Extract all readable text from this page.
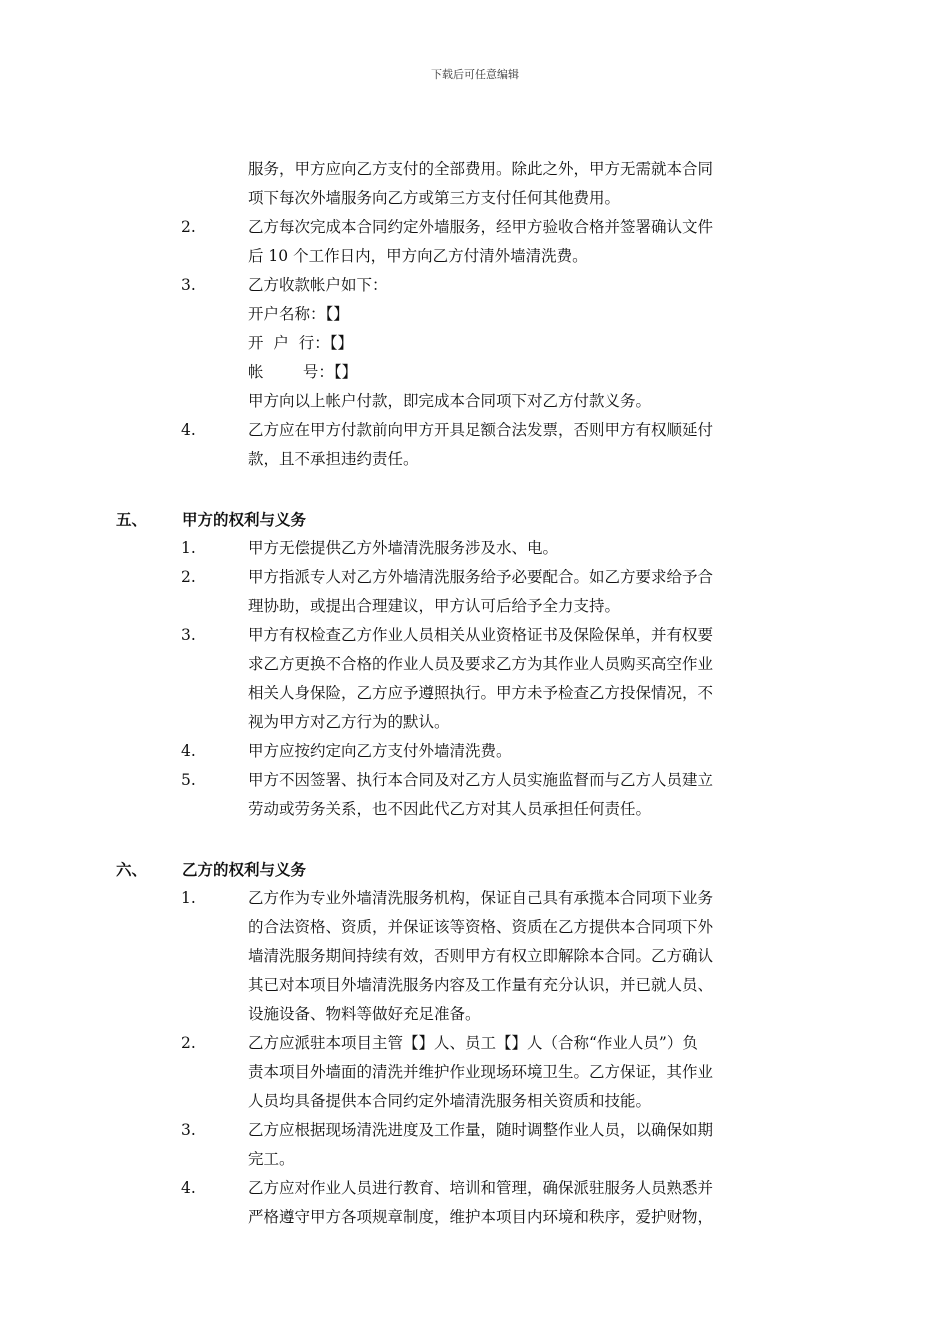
下载后可任意编辑
服务，甲方应向乙方支付的全部费用。除此之外，甲方无需就本合同
项下每次外墙服务向乙方或第三方支付任何其他费用。
2.	乙方每次完成本合同约定外墙服务，经甲方验收合格并签署确认文件
后 10 个工作日内，甲方向乙方付清外墙清洗费。
3.	乙方收款帐户如下：
开户名称：【】
开  户  行：【】
帐        号：【】
甲方向以上帐户付款，即完成本合同项下对乙方付款义务。
4.	乙方应在甲方付款前向甲方开具足额合法发票，否则甲方有权顺延付
款，且不承担违约责任。
五、 甲方的权利与义务
1.	甲方无偿提供乙方外墙清洗服务涉及水、电。
2.	甲方指派专人对乙方外墙清洗服务给予必要配合。如乙方要求给予合
理协助，或提出合理建议，甲方认可后给予全力支持。
3.	甲方有权检查乙方作业人员相关从业资格证书及保险保单，并有权要
求乙方更换不合格的作业人员及要求乙方为其作业人员购买高空作业
相关人身保险，乙方应予遵照执行。甲方未予检查乙方投保情况，不
视为甲方对乙方行为的默认。
4.	甲方应按约定向乙方支付外墙清洗费。
5.	甲方不因签署、执行本合同及对乙方人员实施监督而与乙方人员建立
劳动或劳务关系，也不因此代乙方对其人员承担任何责任。
六、 乙方的权利与义务
1.	乙方作为专业外墙清洗服务机构，保证自己具有承揽本合同项下业务
的合法资格、资质，并保证该等资格、资质在乙方提供本合同项下外
墙清洗服务期间持续有效，否则甲方有权立即解除本合同。乙方确认
其已对本项目外墙清洗服务内容及工作量有充分认识，并已就人员、
设施设备、物料等做好充足准备。
2.	乙方应派驻本项目主管【】人、员工【】人（合称“作业人员”）负
责本项目外墙面的清洗并维护作业现场环境卫生。乙方保证，其作业
人员均具备提供本合同约定外墙清洗服务相关资质和技能。
3.	乙方应根据现场清洗进度及工作量，随时调整作业人员，以确保如期
完工。
4.	乙方应对作业人员进行教育、培训和管理，确保派驻服务人员熟悉并
严格遵守甲方各项规章制度，维护本项目内环境和秩序，爱护财物，
